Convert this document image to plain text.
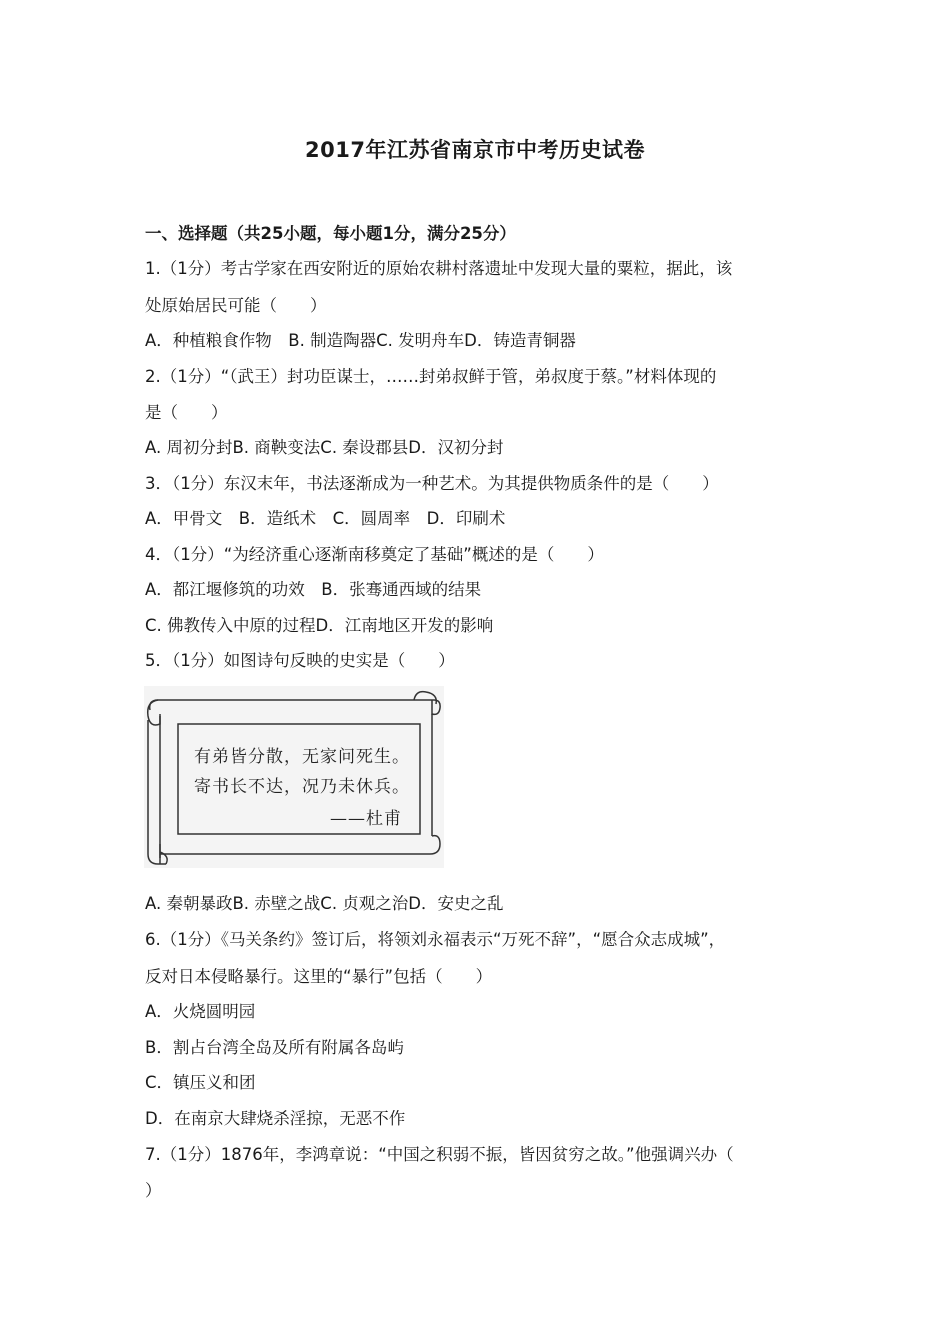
2017年江苏省南京市中考历史试卷
一、选择题（共25小题，每小题1分，满分25分）
1.（1分）考古学家在西安附近的原始农耕村落遗址中发现大量的粟粒，据此，该
处原始居民可能（　　）
A．种植粮食作物　B. 制造陶器C. 发明舟车D．铸造青铜器
2.（1分）“（武王）封功臣谋士，……封弟叔鲜于管，弟叔度于蔡。”材料体现的
是（　　）
A. 周初分封B. 商鞅变法C. 秦设郡县D．汉初分封
3．（1分）东汉末年，书法逐渐成为一种艺术。为其提供物质条件的是（　　）
A．甲骨文　B．造纸术　C．圆周率　D．印刷术
4．（1分）“为经济重心逐渐南移奠定了基础”概述的是（　　）
A．都江堰修筑的功效　B．张骞通西域的结果
C. 佛教传入中原的过程D．江南地区开发的影响
5．（1分）如图诗句反映的史实是（　　）
有弟皆分散，无家问死生。
寄书长不达，况乃未休兵。
——杜甫
A. 秦朝暴政B. 赤壁之战C. 贞观之治D．安史之乱
6.（1分）《马关条约》签订后，将领刘永福表示“万死不辞”，“愿合众志成城”，
反对日本侵略暴行。这里的“暴行”包括（　　）
A．火烧圆明园
B．割占台湾全岛及所有附属各岛屿
C．镇压义和团
D．在南京大肆烧杀淫掠，无恶不作
7.（1分）1876年，李鸿章说：“中国之积弱不振，皆因贫穷之故。”他强调兴办（
）
